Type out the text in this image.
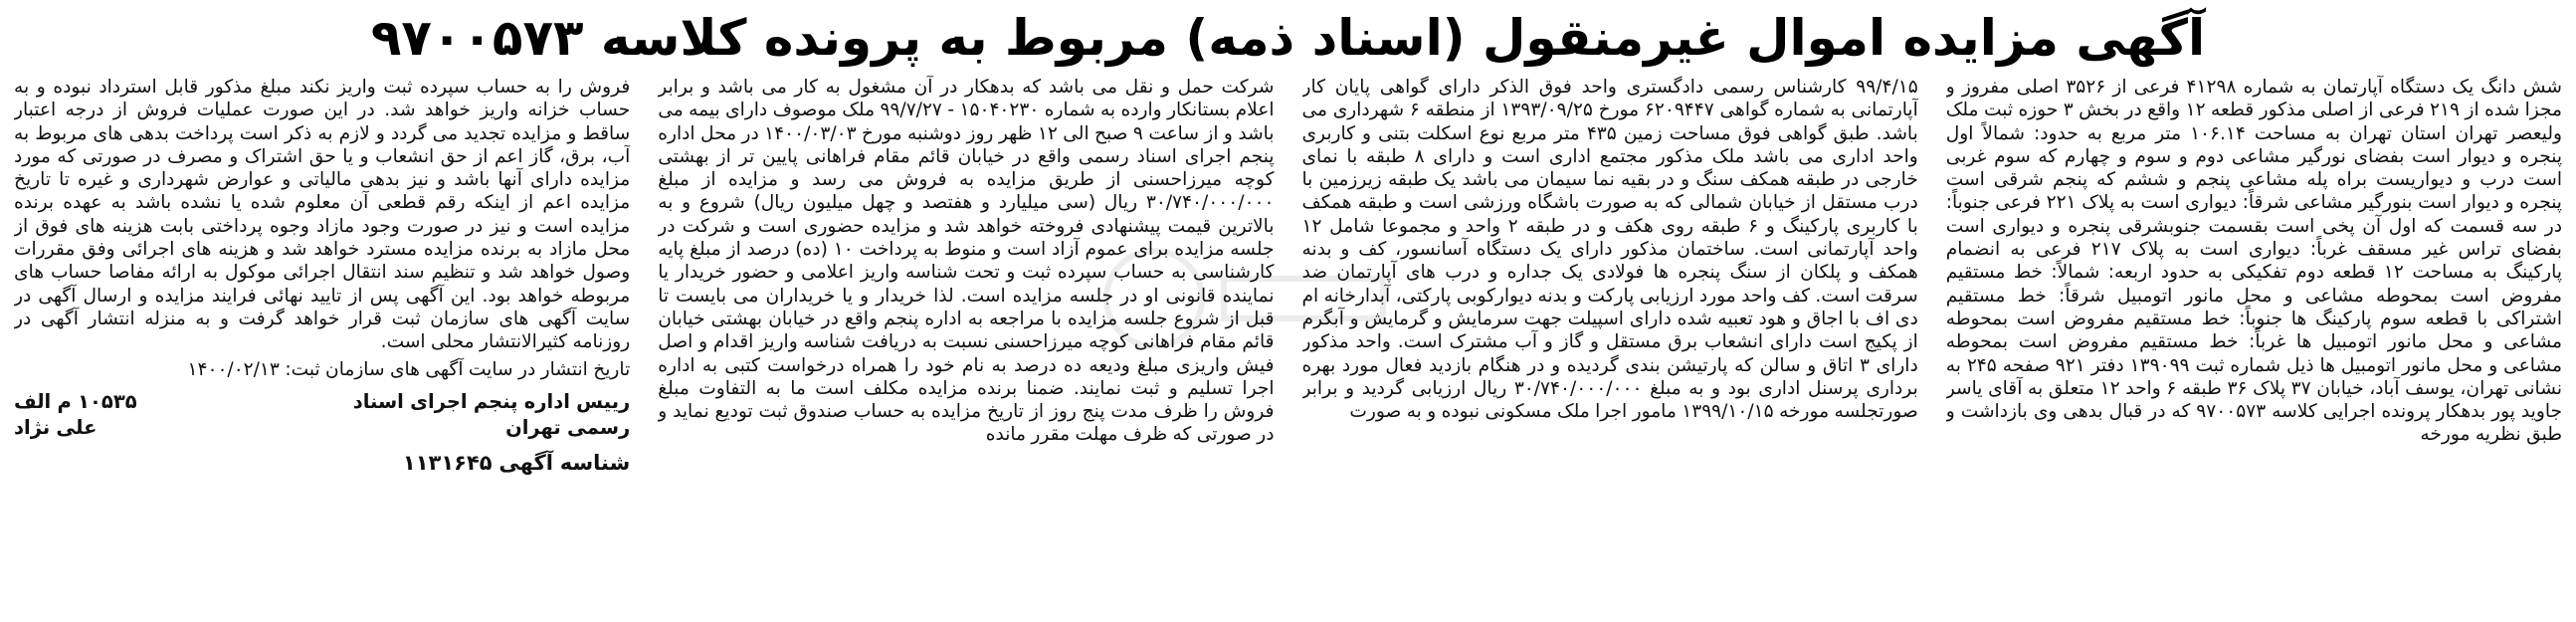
آگهی مزایده اموال غیرمنقول (اسناد ذمه) مربوط به پرونده کلاسه ۹۷۰۰۵۷۳

شش دانگ یک دستگاه آپارتمان به شماره ۴۱۲۹۸ فرعی از ۳۵۲۶ اصلی مفروز و مجزا شده از ۲۱۹ فرعی از اصلی مذکور قطعه ۱۲ واقع در بخش ۳ حوزه ثبت ملک ولیعصر تهران استان تهران به مساحت ۱۰۶.۱۴ متر مربع به حدود: شمالاً اول پنجره و دیوار است بفضای نورگیر مشاعی دوم و سوم و چهارم که سوم غربی است درب و دیواریست براه پله مشاعی پنجم و ششم که پنجم شرقی است پنجره و دیوار است بنورگیر مشاعی شرقاً: دیواری است به پلاک ۲۲۱ فرعی جنوباً: در سه قسمت که اول آن پخی است بقسمت جنوبشرقی پنجره و دیواری است بفضای تراس غیر مسقف غرباً: دیواری است به پلاک ۲۱۷ فرعی به انضمام پارکینگ به مساحت ۱۲ قطعه دوم تفکیکی به حدود اربعه: شمالاً: خط مستقیم مفروض است بمحوطه مشاعی و محل مانور اتومبیل شرقاً: خط مستقیم اشتراکی با قطعه سوم پارکینگ ها جنوباً: خط مستقیم مفروض است بمحوطه مشاعی و محل مانور اتومبیل ها غرباً: خط مستقیم مفروض است بمحوطه مشاعی و محل مانور اتومبیل ها ذیل شماره ثبت ۱۳۹۰۹۹ دفتر ۹۲۱ صفحه ۲۴۵ به نشانی تهران، یوسف آباد، خیابان ۳۷ پلاک ۳۶ طبقه ۶ واحد ۱۲ متعلق به آقای یاسر جاوید پور بدهکار پرونده اجرایی کلاسه ۹۷۰۰۵۷۳ که در قبال بدهی وی بازداشت و طبق نظریه مورخه

۹۹/۴/۱۵ کارشناس رسمی دادگستری واحد فوق الذکر دارای گواهی پایان کار آپارتمانی به شماره گواهی ۶۲۰۹۴۴۷ مورخ ۱۳۹۳/۰۹/۲۵ از منطقه ۶ شهرداری می باشد. طبق گواهی فوق مساحت زمین ۴۳۵ متر مربع نوع اسکلت بتنی و کاربری واحد اداری می باشد ملک مذکور مجتمع اداری است و دارای ۸ طبقه با نمای خارجی در طبقه همکف سنگ و در بقیه نما سیمان می باشد یک طبقه زیرزمین با درب مستقل از خیابان شمالی که به صورت باشگاه ورزشی است و طبقه همکف با کاربری پارکینگ و ۶ طبقه روی هکف و در طبقه ۲ واحد و مجموعا شامل ۱۲ واحد آپارتمانی است. ساختمان مذکور دارای یک دستگاه آسانسور، کف و بدنه همکف و پلکان از سنگ پنجره ها فولادی یک جداره و درب های آپارتمان ضد سرقت است. کف واحد مورد ارزیابی پارکت و بدنه دیوارکوبی پارکتی، آبدارخانه ام دی اف با اجاق و هود تعبیه شده دارای اسپیلت جهت سرمایش و گرمایش و آبگرم از پکیج است دارای انشعاب برق مستقل و گاز و آب مشترک است. واحد مذکور دارای ۳ اتاق و سالن که پارتیشن بندی گردیده و در هنگام بازدید فعال مورد بهره برداری پرسنل اداری بود و به مبلغ ۳۰/۷۴۰/۰۰۰/۰۰۰ ریال ارزیابی گردید و برابر صورتجلسه مورخه ۱۳۹۹/۱۰/۱۵ مامور اجرا ملک مسکونی نبوده و به صورت

شرکت حمل و نقل می باشد که بدهکار در آن مشغول به کار می باشد و برابر اعلام بستانکار وارده به شماره ۱۵۰۴۰۲۳۰ - ۹۹/۷/۲۷ ملک موصوف دارای بیمه می باشد و از ساعت ۹ صبح الی ۱۲ ظهر روز دوشنبه مورخ ۱۴۰۰/۰۳/۰۳ در محل اداره پنجم اجرای اسناد رسمی واقع در خیابان قائم مقام فراهانی پایین تر از بهشتی کوچه میرزاحسنی از طریق مزایده به فروش می رسد و مزایده از مبلغ ۳۰/۷۴۰/۰۰۰/۰۰۰ ریال (سی میلیارد و هفتصد و چهل میلیون ریال) شروع و به بالاترین قیمت پیشنهادی فروخته خواهد شد و مزایده حضوری است و شرکت در جلسه مزایده برای عموم آزاد است و منوط به پرداخت ۱۰ (ده) درصد از مبلغ پایه کارشناسی به حساب سپرده ثبت و تحت شناسه واریز اعلامی و حضور خریدار یا نماینده قانونی او در جلسه مزایده است. لذا خریدار و یا خریداران می بایست تا قبل از شروع جلسه مزایده با مراجعه به اداره پنجم واقع در خیابان بهشتی خیابان قائم مقام فراهانی کوچه میرزاحسنی نسبت به دریافت شناسه واریز اقدام و اصل فیش واریزی مبلغ ودیعه ده درصد به نام خود را همراه درخواست کتبی به اداره اجرا تسلیم و ثبت نمایند. ضمنا برنده مزایده مکلف است ما به التفاوت مبلغ فروش را ظرف مدت پنج روز از تاریخ مزایده به حساب صندوق ثبت تودیع نماید و در صورتی که ظرف مهلت مقرر مانده

فروش را به حساب سپرده ثبت واریز نکند مبلغ مذکور قابل استرداد نبوده و به حساب خزانه واریز خواهد شد. در این صورت عملیات فروش از درجه اعتبار ساقط و مزایده تجدید می گردد و لازم به ذکر است پرداخت بدهی های مربوط به آب، برق، گاز اعم از حق انشعاب و یا حق اشتراک و مصرف در صورتی که مورد مزایده دارای آنها باشد و نیز بدهی مالیاتی و عوارض شهرداری و غیره تا تاریخ مزایده اعم از اینکه رقم قطعی آن معلوم شده یا نشده باشد به عهده برنده مزایده است و نیز در صورت وجود مازاد وجوه پرداختی بابت هزینه های فوق از محل مازاد به برنده مزایده مسترد خواهد شد و هزینه های اجرائی وفق مقررات وصول خواهد شد و تنظیم سند انتقال اجرائی موکول به ارائه مفاصا حساب های مربوطه خواهد بود. این آگهی پس از تایید نهائی فرایند مزایده و ارسال آگهی در سایت آگهی های سازمان ثبت قرار خواهد گرفت و به منزله انتشار آگهی در روزنامه کثیرالانتشار محلی است.

تاریخ انتشار در سایت آگهی های سازمان ثبت: ۱۴۰۰/۰۲/۱۳
رییس اداره پنجم اجرای اسناد
۱۰۵۳۵ م الف
رسمی تهران
علی نژاد
شناسه آگهی ۱۱۳۱۶۴۵
